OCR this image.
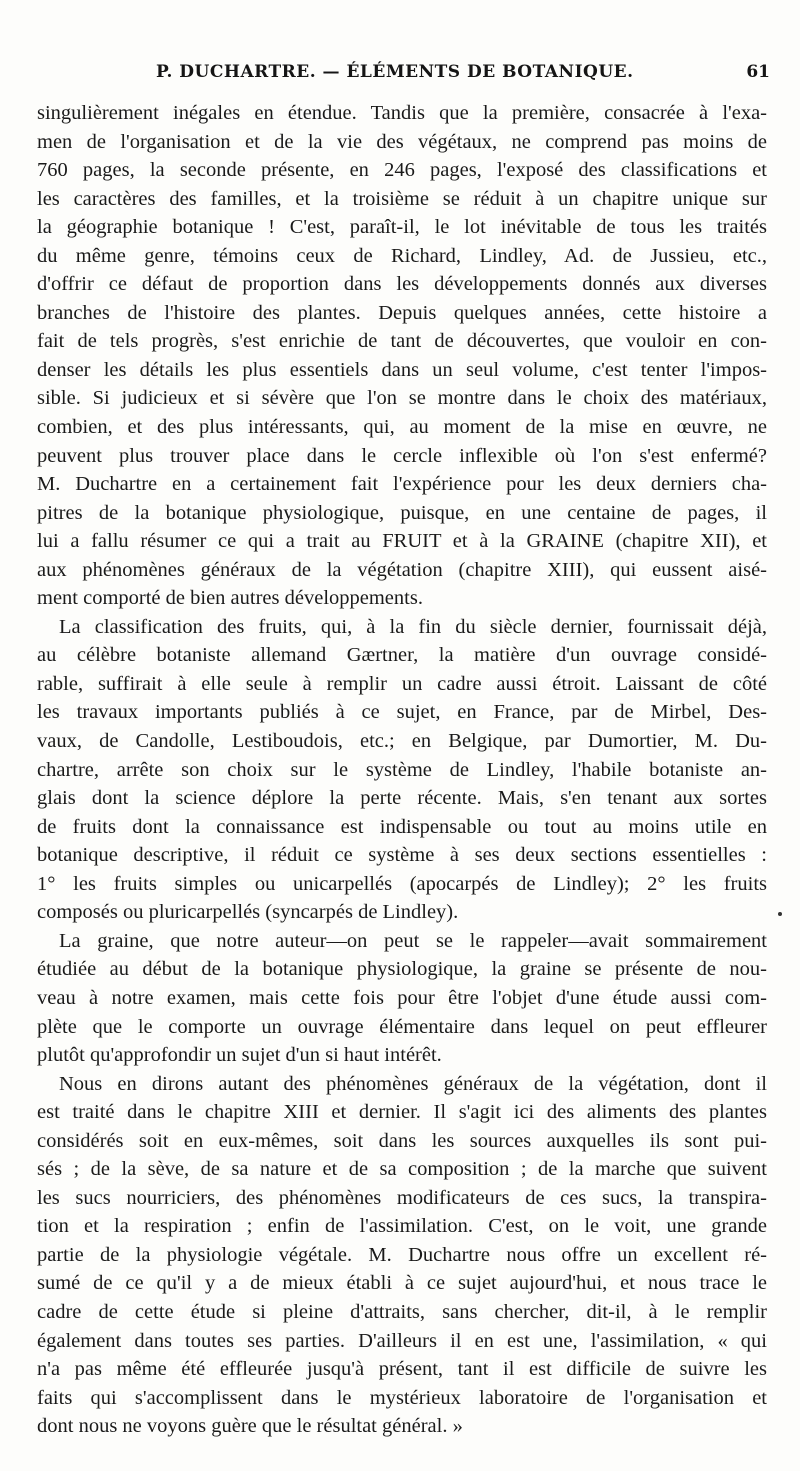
P. DUCHARTRE. — ÉLÉMENTS DE BOTANIQUE.	61
singulièrement inégales en étendue. Tandis que la première, consacrée à l'exa-
men de l'organisation et de la vie des végétaux, ne comprend pas moins de
760 pages, la seconde présente, en 246 pages, l'exposé des classifications et
les caractères des familles, et la troisième se réduit à un chapitre unique sur
la géographie botanique ! C'est, paraît-il, le lot inévitable de tous les traités
du même genre, témoins ceux de Richard, Lindley, Ad. de Jussieu, etc.,
d'offrir ce défaut de proportion dans les développements donnés aux diverses
branches de l'histoire des plantes. Depuis quelques années, cette histoire a
fait de tels progrès, s'est enrichie de tant de découvertes, que vouloir en con-
denser les détails les plus essentiels dans un seul volume, c'est tenter l'impos-
sible. Si judicieux et si sévère que l'on se montre dans le choix des matériaux,
combien, et des plus intéressants, qui, au moment de la mise en œuvre, ne
peuvent plus trouver place dans le cercle inflexible où l'on s'est enfermé?
M. Duchartre en a certainement fait l'expérience pour les deux derniers cha-
pitres de la botanique physiologique, puisque, en une centaine de pages, il
lui a fallu résumer ce qui a trait au FRUIT et à la GRAINE (chapitre XII), et
aux phénomènes généraux de la végétation (chapitre XIII), qui eussent aisé-
ment comporté de bien autres développements.
La classification des fruits, qui, à la fin du siècle dernier, fournissait déjà,
au célèbre botaniste allemand Gærtner, la matière d'un ouvrage considé-
rable, suffirait à elle seule à remplir un cadre aussi étroit. Laissant de côté
les travaux importants publiés à ce sujet, en France, par de Mirbel, Des-
vaux, de Candolle, Lestiboudois, etc.; en Belgique, par Dumortier, M. Du-
chartre, arrête son choix sur le système de Lindley, l'habile botaniste an-
glais dont la science déplore la perte récente. Mais, s'en tenant aux sortes
de fruits dont la connaissance est indispensable ou tout au moins utile en
botanique descriptive, il réduit ce système à ses deux sections essentielles :
1° les fruits simples ou unicarpellés (apocarpés de Lindley); 2° les fruits
composés ou pluricarpellés (syncarpés de Lindley).
La graine, que notre auteur—on peut se le rappeler—avait sommairement
étudiée au début de la botanique physiologique, la graine se présente de nou-
veau à notre examen, mais cette fois pour être l'objet d'une étude aussi com-
plète que le comporte un ouvrage élémentaire dans lequel on peut effleurer
plutôt qu'approfondir un sujet d'un si haut intérêt.
Nous en dirons autant des phénomènes généraux de la végétation, dont il
est traité dans le chapitre XIII et dernier. Il s'agit ici des aliments des plantes
considérés soit en eux-mêmes, soit dans les sources auxquelles ils sont pui-
sés ; de la sève, de sa nature et de sa composition ; de la marche que suivent
les sucs nourriciers, des phénomènes modificateurs de ces sucs, la transpira-
tion et la respiration ; enfin de l'assimilation. C'est, on le voit, une grande
partie de la physiologie végétale. M. Duchartre nous offre un excellent ré-
sumé de ce qu'il y a de mieux établi à ce sujet aujourd'hui, et nous trace le
cadre de cette étude si pleine d'attraits, sans chercher, dit-il, à le remplir
également dans toutes ses parties. D'ailleurs il en est une, l'assimilation, « qui
n'a pas même été effleurée jusqu'à présent, tant il est difficile de suivre les
faits qui s'accomplissent dans le mystérieux laboratoire de l'organisation et
dont nous ne voyons guère que le résultat général. »
